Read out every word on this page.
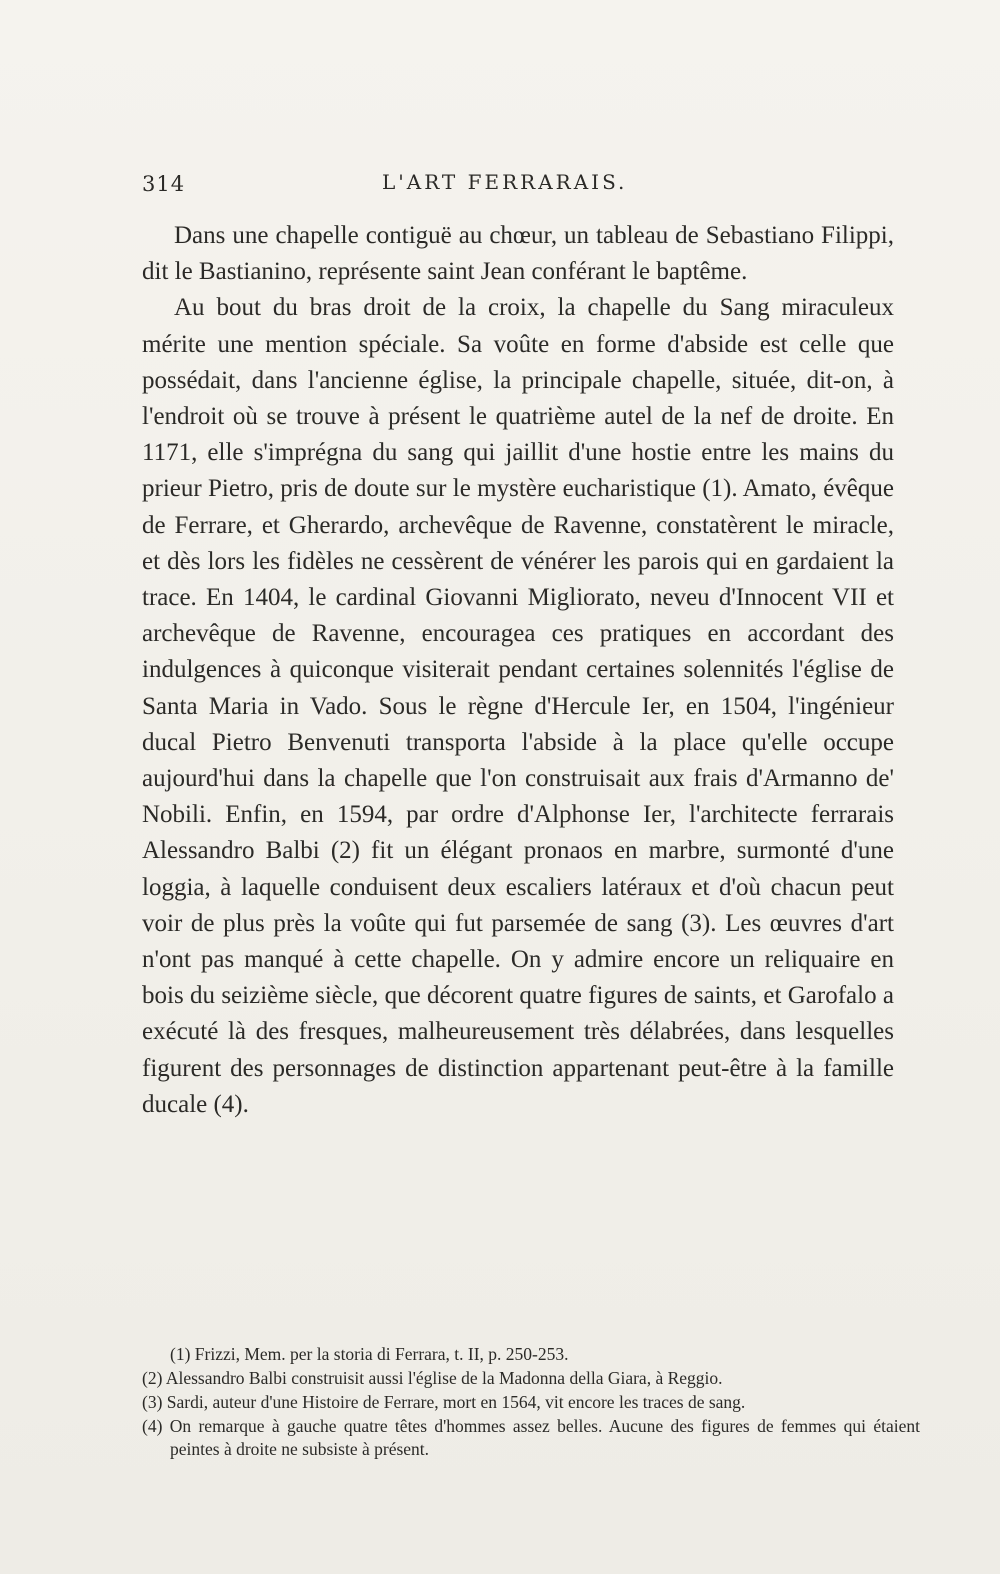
314	L'ART FERRARAIS.

Dans une chapelle contiguë au chœur, un tableau de Sebastiano Filippi, dit le Bastianino, représente saint Jean conférant le baptême.

Au bout du bras droit de la croix, la chapelle du Sang miraculeux mérite une mention spéciale. Sa voûte en forme d'abside est celle que possédait, dans l'ancienne église, la principale chapelle, située, dit-on, à l'endroit où se trouve à présent le quatrième autel de la nef de droite. En 1171, elle s'imprégna du sang qui jaillit d'une hostie entre les mains du prieur Pietro, pris de doute sur le mystère eucharistique (1). Amato, évêque de Ferrare, et Gherardo, archevêque de Ravenne, constatèrent le miracle, et dès lors les fidèles ne cessèrent de vénérer les parois qui en gardaient la trace. En 1404, le cardinal Giovanni Migliorato, neveu d'Innocent VII et archevêque de Ravenne, encouragea ces pratiques en accordant des indulgences à quiconque visiterait pendant certaines solennités l'église de Santa Maria in Vado. Sous le règne d'Hercule Ier, en 1504, l'ingénieur ducal Pietro Benvenuti transporta l'abside à la place qu'elle occupe aujourd'hui dans la chapelle que l'on construisait aux frais d'Armanno de' Nobili. Enfin, en 1594, par ordre d'Alphonse Ier, l'architecte ferrarais Alessandro Balbi (2) fit un élégant pronaos en marbre, surmonté d'une loggia, à laquelle conduisent deux escaliers latéraux et d'où chacun peut voir de plus près la voûte qui fut parsemée de sang (3). Les œuvres d'art n'ont pas manqué à cette chapelle. On y admire encore un reliquaire en bois du seizième siècle, que décorent quatre figures de saints, et Garofalo a exécuté là des fresques, malheureusement très délabrées, dans lesquelles figurent des personnages de distinction appartenant peut-être à la famille ducale (4).

(1) Frizzi, Mem. per la storia di Ferrara, t. II, p. 250-253.

(2) Alessandro Balbi construisit aussi l'église de la Madonna della Giara, à Reggio.

(3) Sardi, auteur d'une Histoire de Ferrare, mort en 1564, vit encore les traces de sang.

(4) On remarque à gauche quatre têtes d'hommes assez belles. Aucune des figures de femmes qui étaient peintes à droite ne subsiste à présent.
